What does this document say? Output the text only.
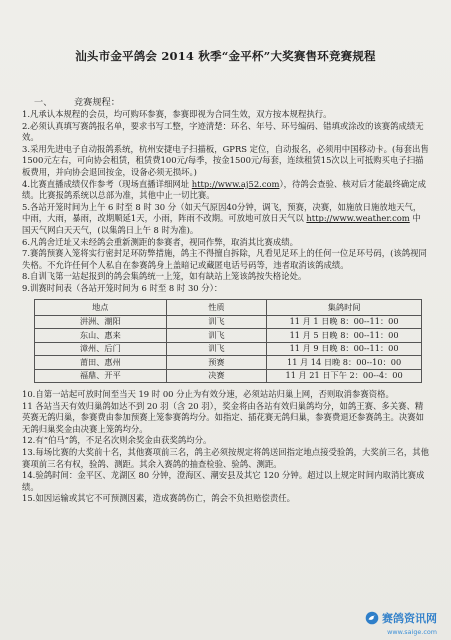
汕头市金平鸽会 2014 秋季“金平杯”大奖赛售环竞赛规程
一、 竞赛规程：

1.凡承认本规程的会员，均可购环参赛，参赛即视为合同生效，双方按本规程执行。

2.必须认真填写赛鸽报名单，要求书写工整，字迹清楚：环名、年号、环号编码、错填或涂改的该赛鸽成绩无效。

3.采用先进电子自动报鸽系统，杭州安捷电子扫描板，GPRS 定位，自动报名，必须用中国移动卡。(每套出售1500元左右，可向协会租赁，租赁费100元/每季，按金1500元/每套，连续租赁15次以上可抵购买电子扫描板费用，并向协会退回按金，设备必须无损坏。)

4.比赛直播成绩仅作参考（现场直播详细网址 http://www.aj52.com），待鸽会查验、核对后才能最终确定成绩。比赛报鸽系统以总部为准，其他中止一切比赛。

5.各站开笼时间为上午 6 时至 8 时 30 分（如天气原因40分钟，调飞，预赛，决赛，如施放日施放地天气，中雨，大雨，暴雨，改期顺延1天，小雨，阵雨不改期。可放地可放日天气以 http://www.weather.com 中国天气网白天天气，(以集鸽日上午 8 时为准)。

6.凡鸽舍迁址又未经鸽会重新测距的参赛者，视同作弊，取消其比赛成绩。

7.赛鸽预赛入笼将实行密封足环防弊措施，鸽主不得擅自拆除，凡看见足环上的任何一位足环号码，(该鸽视同失格。不允许任何个人私自在参赛鸽身上盖暗记或藏匿电话号码等，违者取消该鸽成绩。

8.自训飞第一站起报到的鸽会集鸽统一上笼，如有缺站上笼该鸽按失格论处。

9.训赛时间表（各站开笼时间为 6 时至 8 时 30 分）：

地点	性质	集鸽时间
汫洲、潮阳	训飞	11 月 1 日晚 8：00--11：00
东山、惠来	训飞	11 月 5 日晚 8：00--11：00
漳州、后门	训飞	11 月 9 日晚 8：00--11：00
莆田、惠州	预赛	11 月 14 日晚 8：00--10：00
福鼎、开平	决赛	11 月 21 日下午 2：00--4：00

10.自第一站起可放时间至当天 19 时 00 分止为有效分速，必须站站归巢上网，否则取消参赛资格。

11 各站当天有效归巢鸽如达不到 20 羽（含 20 羽），奖金将由各站有效归巢鸽均分，如鸽王赛、多关赛、精英赛无鸽归巢，参赛费由参加预赛上笼参赛鸽均分。如指定、插花赛无鸽归巢，参赛费退还参赛鸽主。决赛如无鸽归巢奖金由决赛上笼鸽均分。

12.有“伯马”鸽，不足名次则余奖金由获奖鸽均分。

13.每场比赛的大奖前十名，其他赛项前三名，鸽主必须按规定将鸽送回指定地点接受验鸽，大奖前三名，其他赛项前三名有权，验鸽、测距。其余入赛鸽的抽查检验、验鸽、测距。

14.验鸽时间：金平区、龙湖区 80 分钟，澄海区、潮安县及其它 120 分钟。超过以上规定时间内取消比赛成绩。

15.如因运输或其它不可预测因素，造成赛鸽伤亡，鸽会不负担赔偿责任。

赛鸽资讯网
www.saige.com
